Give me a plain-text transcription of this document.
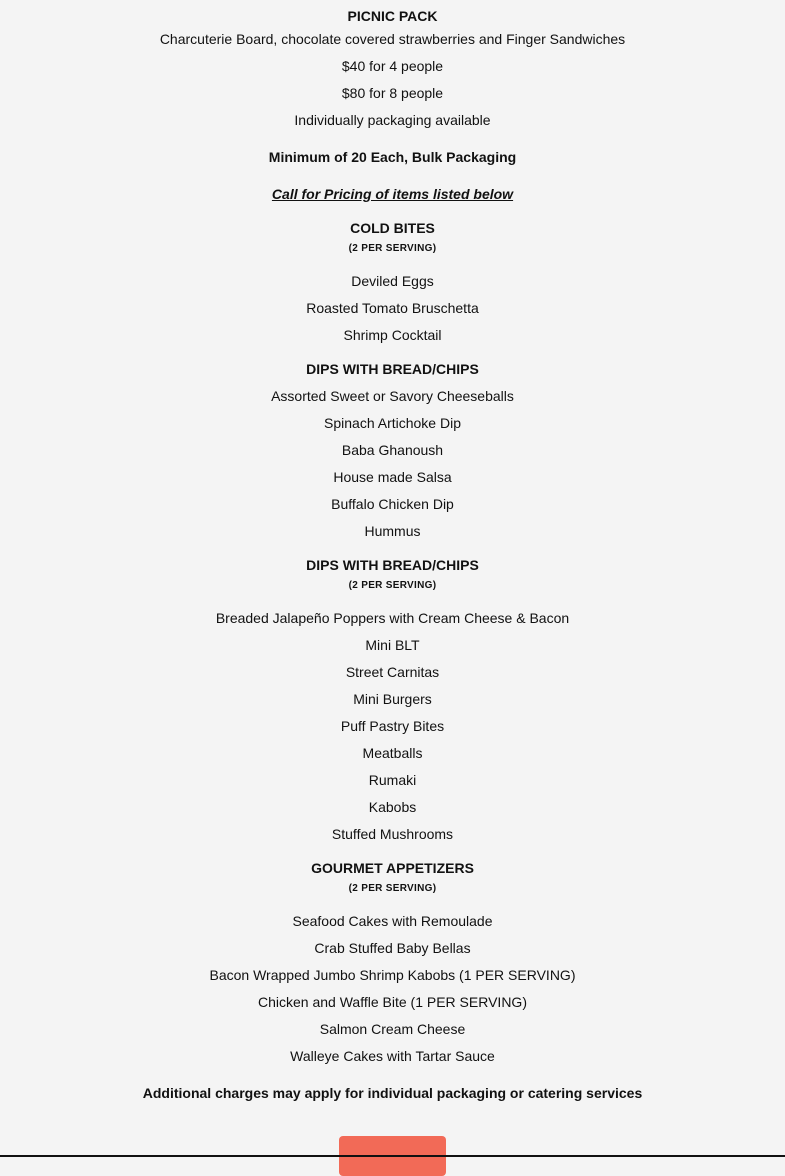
PICNIC PACK
Charcuterie Board, chocolate covered strawberries and Finger Sandwiches
$40 for 4 people
$80 for 8 people
Individually packaging available
Minimum of 20 Each, Bulk Packaging
Call for Pricing of items listed below
COLD BITES
(2 PER SERVING)
Deviled Eggs
Roasted Tomato Bruschetta
Shrimp Cocktail
DIPS WITH BREAD/CHIPS
Assorted Sweet or Savory Cheeseballs
Spinach Artichoke Dip
Baba Ghanoush
House made Salsa
Buffalo Chicken Dip
Hummus
DIPS WITH BREAD/CHIPS
(2 PER SERVING)
Breaded Jalapeño Poppers with Cream Cheese & Bacon
Mini BLT
Street Carnitas
Mini Burgers
Puff Pastry Bites
Meatballs
Rumaki
Kabobs
Stuffed Mushrooms
GOURMET APPETIZERS
(2 PER SERVING)
Seafood Cakes with Remoulade
Crab Stuffed Baby Bellas
Bacon Wrapped Jumbo Shrimp Kabobs (1 PER SERVING)
Chicken and Waffle Bite (1 PER SERVING)
Salmon Cream Cheese
Walleye Cakes with Tartar Sauce
Additional charges may apply for individual packaging or catering services
